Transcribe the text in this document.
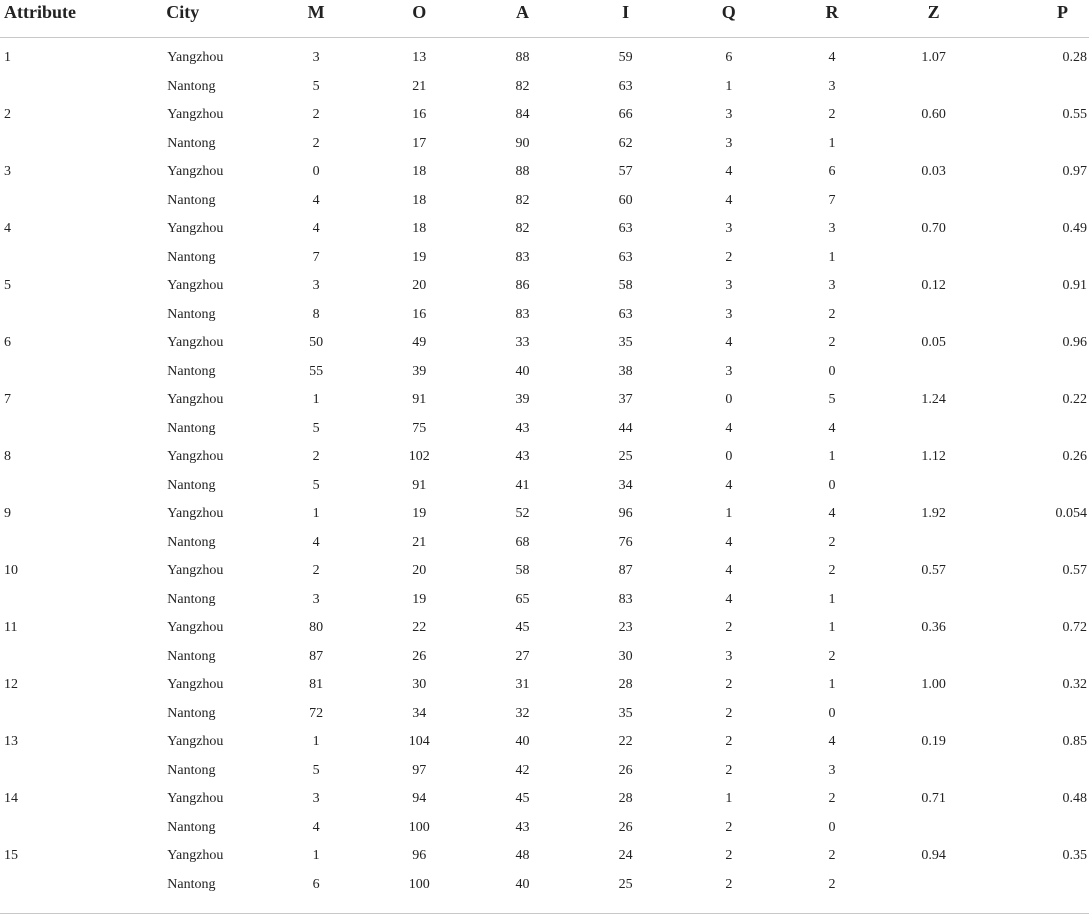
Attribute	City	M	O	A	I	Q	R	Z	P

1	Yangzhou	3	13	88	59	6	4	1.07	0.28
	Nantong	5	21	82	63	1	3		
2	Yangzhou	2	16	84	66	3	2	0.60	0.55
	Nantong	2	17	90	62	3	1		
3	Yangzhou	0	18	88	57	4	6	0.03	0.97
	Nantong	4	18	82	60	4	7		
4	Yangzhou	4	18	82	63	3	3	0.70	0.49
	Nantong	7	19	83	63	2	1		
5	Yangzhou	3	20	86	58	3	3	0.12	0.91
	Nantong	8	16	83	63	3	2		
6	Yangzhou	50	49	33	35	4	2	0.05	0.96
	Nantong	55	39	40	38	3	0		
7	Yangzhou	1	91	39	37	0	5	1.24	0.22
	Nantong	5	75	43	44	4	4		
8	Yangzhou	2	102	43	25	0	1	1.12	0.26
	Nantong	5	91	41	34	4	0		
9	Yangzhou	1	19	52	96	1	4	1.92	0.054
	Nantong	4	21	68	76	4	2		
10	Yangzhou	2	20	58	87	4	2	0.57	0.57
	Nantong	3	19	65	83	4	1		
11	Yangzhou	80	22	45	23	2	1	0.36	0.72
	Nantong	87	26	27	30	3	2		
12	Yangzhou	81	30	31	28	2	1	1.00	0.32
	Nantong	72	34	32	35	2	0		
13	Yangzhou	1	104	40	22	2	4	0.19	0.85
	Nantong	5	97	42	26	2	3		
14	Yangzhou	3	94	45	28	1	2	0.71	0.48
	Nantong	4	100	43	26	2	0		
15	Yangzhou	1	96	48	24	2	2	0.94	0.35
	Nantong	6	100	40	25	2	2		
